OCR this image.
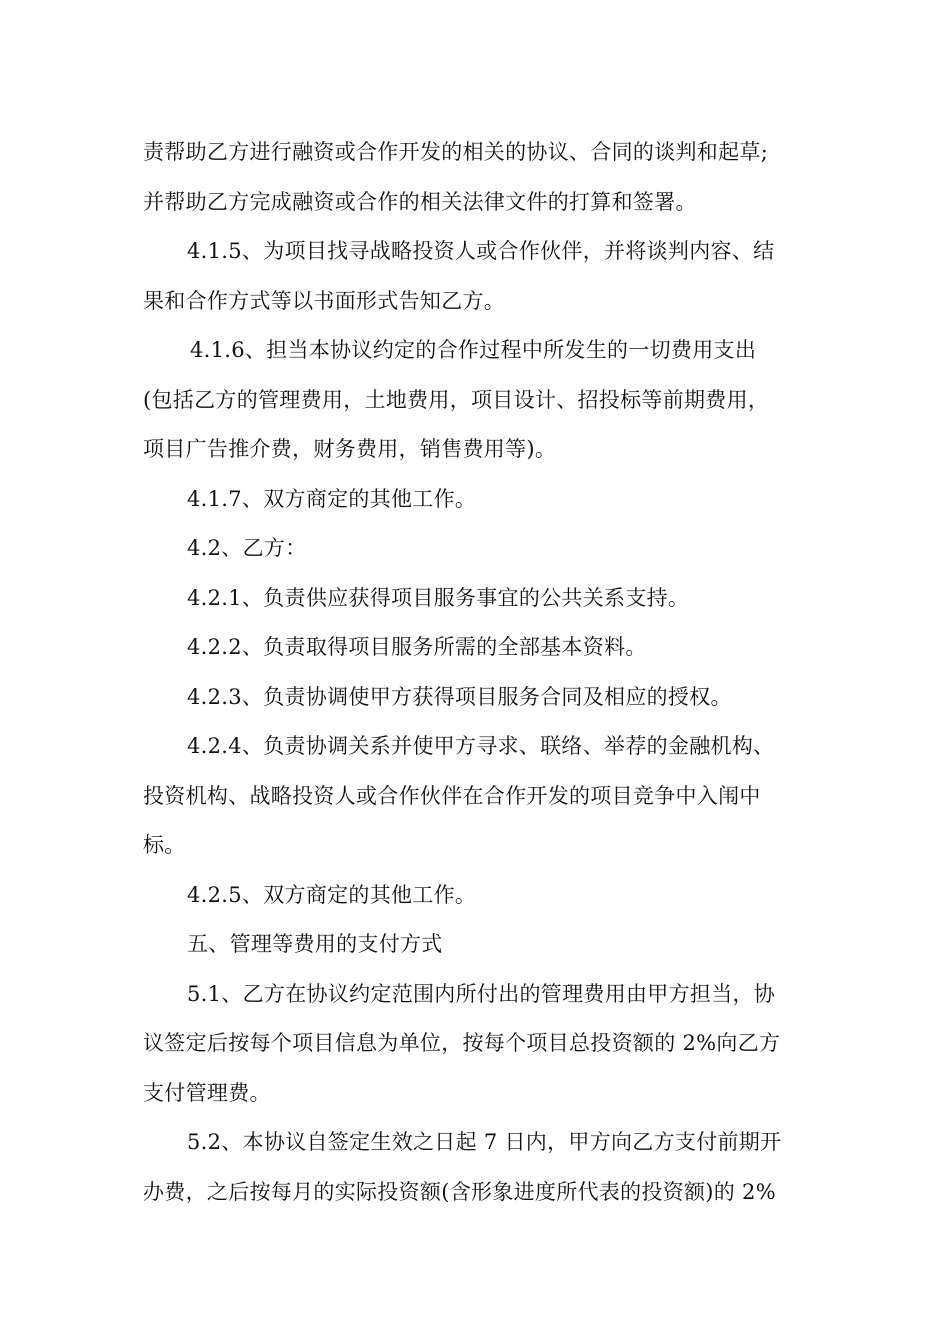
责帮助乙方进行融资或合作开发的相关的协议、合同的谈判和起草;
并帮助乙方完成融资或合作的相关法律文件的打算和签署。
4.1.5、为项目找寻战略投资人或合作伙伴，并将谈判内容、结
果和合作方式等以书面形式告知乙方。
4.1.6、担当本协议约定的合作过程中所发生的一切费用支出
(包括乙方的管理费用，土地费用，项目设计、招投标等前期费用，
项目广告推介费，财务费用，销售费用等)。
4.1.7、双方商定的其他工作。
4.2、乙方：
4.2.1、负责供应获得项目服务事宜的公共关系支持。
4.2.2、负责取得项目服务所需的全部基本资料。
4.2.3、负责协调使甲方获得项目服务合同及相应的授权。
4.2.4、负责协调关系并使甲方寻求、联络、举荐的金融机构、
投资机构、战略投资人或合作伙伴在合作开发的项目竞争中入闱中
标。
4.2.5、双方商定的其他工作。
五、管理等费用的支付方式
5.1、乙方在协议约定范围内所付出的管理费用由甲方担当，协
议签定后按每个项目信息为单位，按每个项目总投资额的 2%向乙方
支付管理费。
5.2、本协议自签定生效之日起 7 日内，甲方向乙方支付前期开
办费，之后按每月的实际投资额(含形象进度所代表的投资额)的 2%
